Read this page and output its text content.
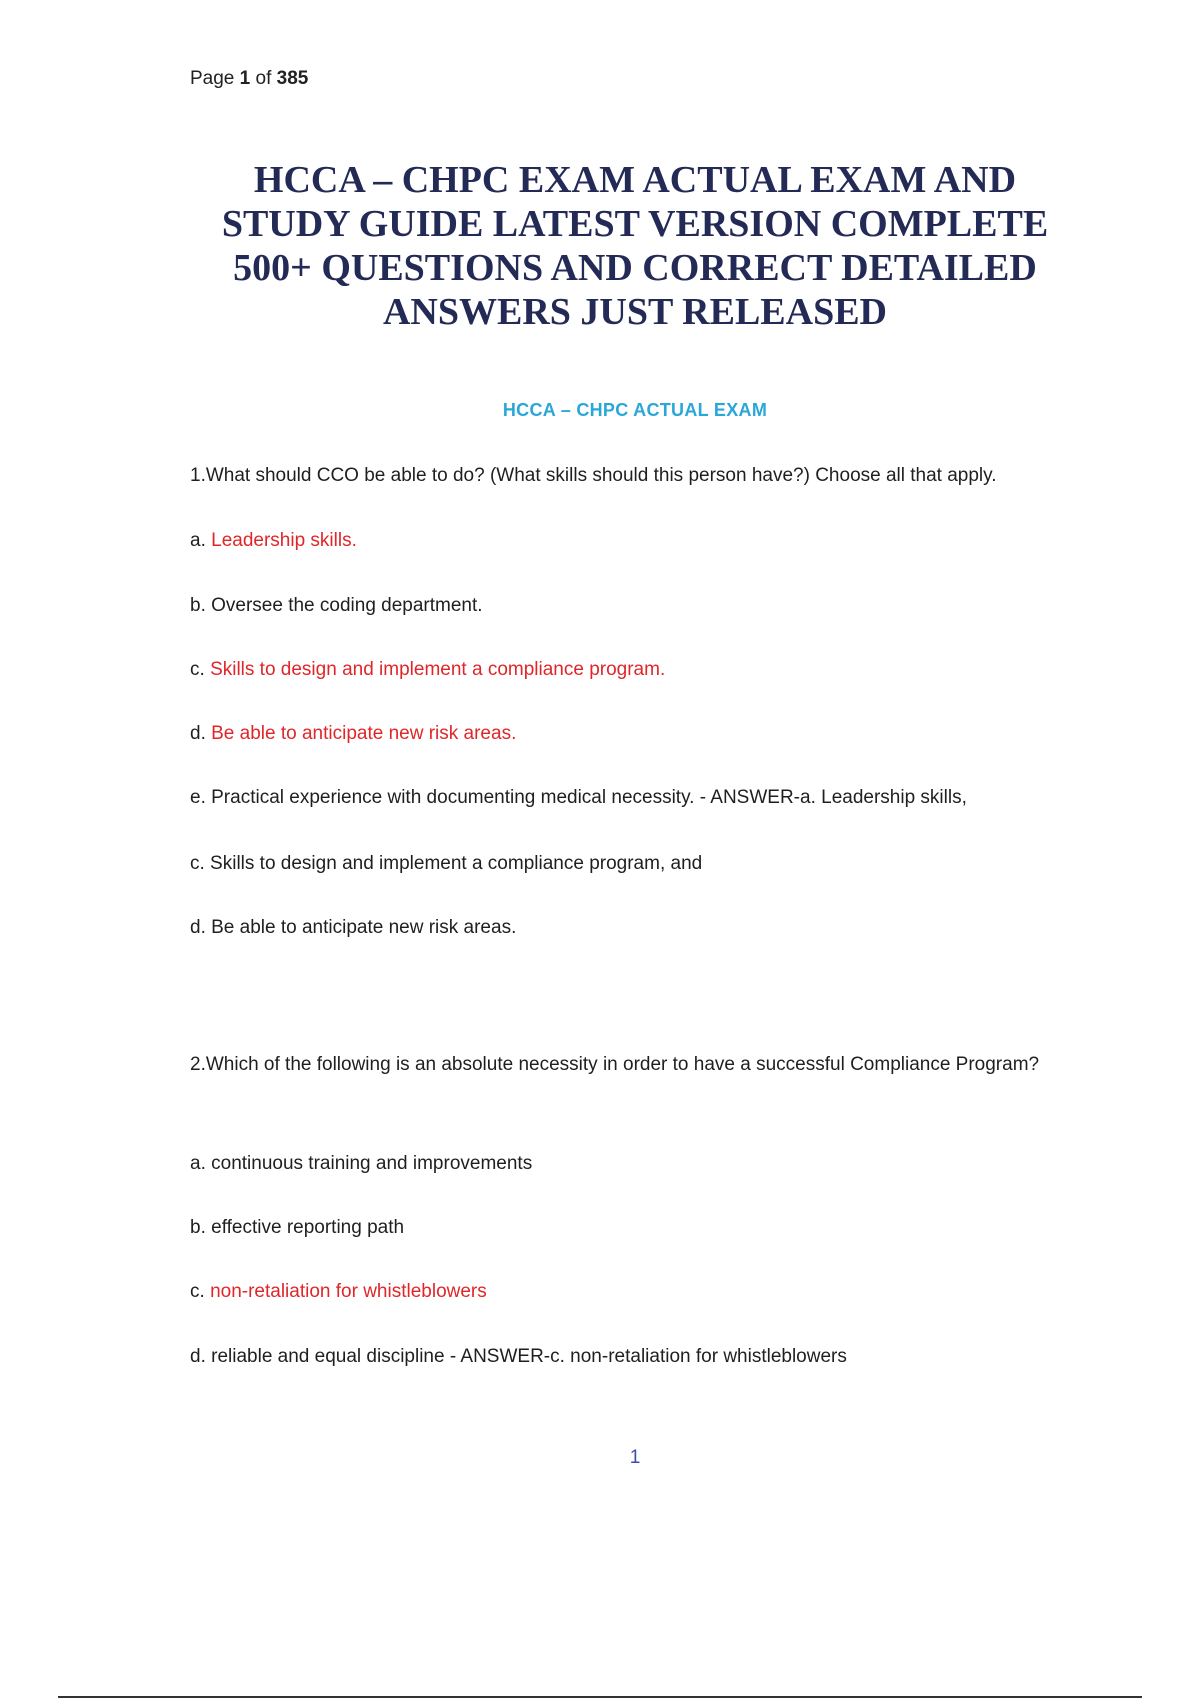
Page 1 of 385
HCCA – CHPC EXAM ACTUAL EXAM AND STUDY GUIDE LATEST VERSION COMPLETE 500+ QUESTIONS AND CORRECT DETAILED ANSWERS JUST RELEASED
HCCA – CHPC ACTUAL EXAM
1.What should CCO be able to do? (What skills should this person have?) Choose all that apply.
a. Leadership skills.
b. Oversee the coding department.
c. Skills to design and implement a compliance program.
d. Be able to anticipate new risk areas.
e. Practical experience with documenting medical necessity. - ANSWER-a. Leadership skills,
c. Skills to design and implement a compliance program, and
d. Be able to anticipate new risk areas.
2.Which of the following is an absolute necessity in order to have a successful Compliance Program?
a. continuous training and improvements
b. effective reporting path
c. non-retaliation for whistleblowers
d. reliable and equal discipline - ANSWER-c. non-retaliation for whistleblowers
1
